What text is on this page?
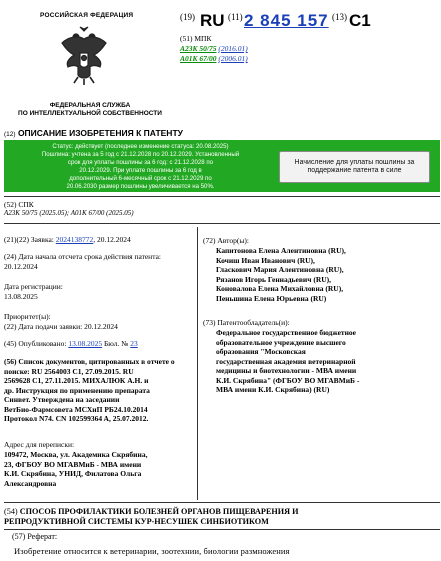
РОССИЙСКАЯ ФЕДЕРАЦИЯ
ФЕДЕРАЛЬНАЯ СЛУЖБА
ПО ИНТЕЛЛЕКТУАЛЬНОЙ СОБСТВЕННОСТИ
(19) RU (11) 2 845 157 (13) C1
(51) МПК
A23K 50/75 (2016.01)
A01K 67/00 (2006.01)
(12) ОПИСАНИЕ ИЗОБРЕТЕНИЯ К ПАТЕНТУ
Статус: действует (последнее изменение статуса: 20.08.2025)
Пошлина: учтена за 5 год с 21.12.2028 по 20.12.2029. Установленный
срок для уплаты пошлины за 6 год: с 21.12.2028 по
20.12.2029. При уплате пошлины за 6 год в
дополнительный 6-месячный срок с 21.12.2029 по
20.06.2030 размер пошлины увеличивается на 50%.
Начисление для уплаты пошлины за поддержание патента в силе
(52) СПК
A23K 50/75 (2025.05); A01K 67/00 (2025.05)
(21)(22) Заявка: 2024138772, 20.12.2024
(24) Дата начала отсчета срока действия патента:
20.12.2024
Дата регистрации:
13.08.2025
Приоритет(ы):
(22) Дата подачи заявки: 20.12.2024
(45) Опубликовано: 13.08.2025 Бюл. № 23
(56) Список документов, цитированных в отчете о
поиске: RU 2564003 C1, 27.09.2015. RU
2569628 C1, 27.11.2015. МИХАЛЮК А.Н. и
др. Инструкция по применению препарата
Синвет. Утверждена на заседании
ВетБио-Фармсовета МСХиП РБ24.10.2014
Протокол N74. CN 102599364 A, 25.07.2012.
Адрес для переписки:
109472, Москва, ул. Академика Скрябина,
23, ФГБОУ ВО МГАВМиБ - МВА имени
К.И. Скрябина, УНИД, Филатова Ольга
Александровна
(72) Автор(ы):
Капитонова Елена Алентиновна (RU),
Кочиш Иван Иванович (RU),
Гласкович Мария Алентиновна (RU),
Рязанов Игорь Геннадьевич (RU),
Коновалова Елена Михайловна (RU),
Пеньшина Елена Юрьевна (RU)
(73) Патентообладатель(и):
Федеральное государственное бюджетное
образовательное учреждение высшего
образования "Московская
государственная академия ветеринарной
медицины и биотехнологии - МВА имени
К.И. Скрябина" (ФГБОУ ВО МГАВМиБ -
МВА имени К.И. Скрябина) (RU)
(54) СПОСОБ ПРОФИЛАКТИКИ БОЛЕЗНЕЙ ОРГАНОВ ПИЩЕВАРЕНИЯ И
РЕПРОДУКТИВНОЙ СИСТЕМЫ КУР-НЕСУШЕК СИНБИОТИКОМ
(57) Реферат:
Изобретение относится к ветеринарии, зоотехнии, биологии размножения
